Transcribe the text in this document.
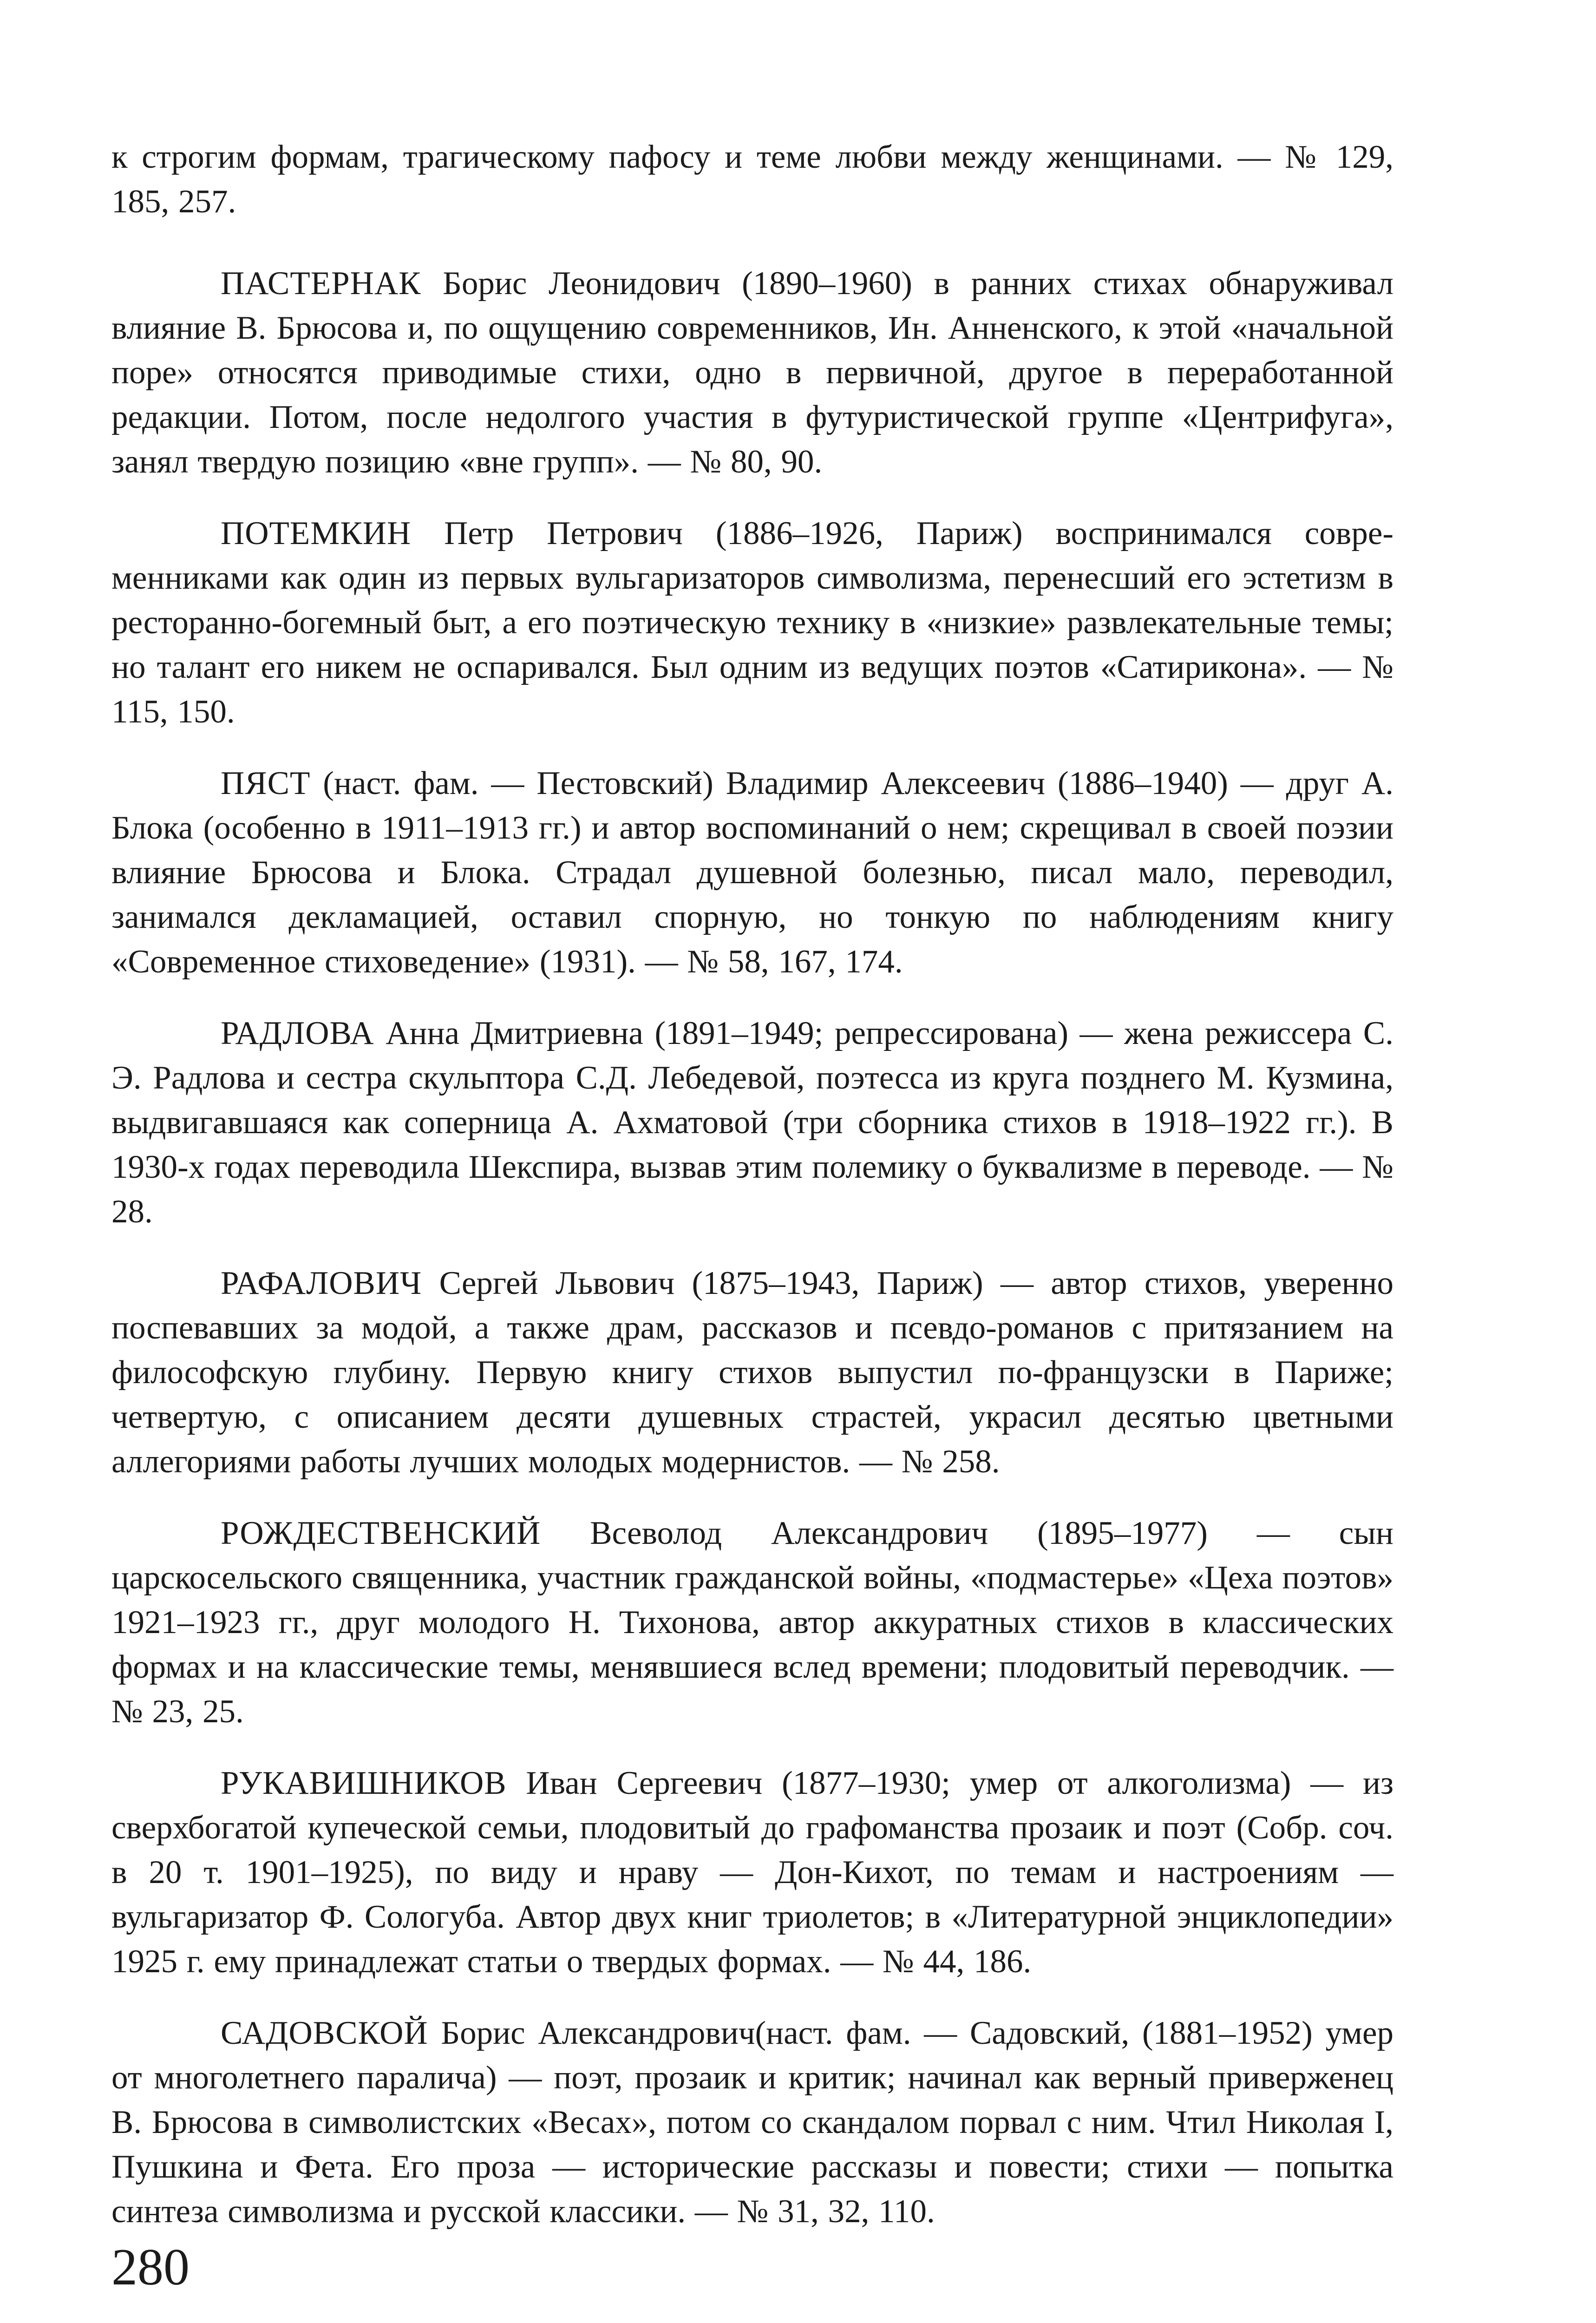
к строгим формам, трагическому пафосу и теме любви между женщинами. — № 129, 185, 257.

ПАСТЕРНАК Борис Леонидович (1890–1960) в ранних стихах обнаруживал влияние В. Брюсова и, по ощущению современников, Ин. Анненского, к этой «начальной поре» относятся приводимые стихи, одно в первичной, другое в переработанной редакции. Потом, после недолгого участия в футуристической группе «Центрифуга», занял твердую позицию «вне групп». — № 80, 90.

ПОТЕМКИН Петр Петрович (1886–1926, Париж) воспринимался современниками как один из первых вульгаризаторов символизма, перенесший его эстетизм в ресторанно-богемный быт, а его поэтическую технику в «низкие» развлекательные темы; но талант его никем не оспаривался. Был одним из ведущих поэтов «Сатирикона». — № 115, 150.

ПЯСТ (наст. фам. — Пестовский) Владимир Алексеевич (1886–1940) — друг А. Блока (особенно в 1911–1913 гг.) и автор воспоминаний о нем; скрещивал в своей поэзии влияние Брюсова и Блока. Страдал душевной болезнью, писал мало, переводил, занимался декламацией, оставил спорную, но тонкую по наблюдениям книгу «Современное стиховедение» (1931). — № 58, 167, 174.

РАДЛОВА Анна Дмитриевна (1891–1949; репрессирована) — жена режиссера С. Э. Радлова и сестра скульптора С.Д. Лебедевой, поэтесса из круга позднего М. Кузмина, выдвигавшаяся как соперница А. Ахматовой (три сборника стихов в 1918–1922 гг.). В 1930-х годах переводила Шекспира, вызвав этим полемику о буквализме в переводе. — № 28.

РАФАЛОВИЧ Сергей Львович (1875–1943, Париж) — автор стихов, уверенно поспевавших за модой, а также драм, рассказов и псевдо-романов с притязанием на философскую глубину. Первую книгу стихов выпустил по-французски в Париже; четвертую, с описанием десяти душевных страстей, украсил десятью цветными аллегориями работы лучших молодых модернистов. — № 258.

РОЖДЕСТВЕНСКИЙ Всеволод Александрович (1895–1977) — сын царскосельского священника, участник гражданской войны, «подмастерье» «Цеха поэтов» 1921–1923 гг., друг молодого Н. Тихонова, автор аккуратных стихов в классических формах и на классические темы, менявшиеся вслед времени; плодовитый переводчик. — № 23, 25.

РУКАВИШНИКОВ Иван Сергеевич (1877–1930; умер от алкоголизма) — из сверхбогатой купеческой семьи, плодовитый до графоманства прозаик и поэт (Собр. соч. в 20 т. 1901–1925), по виду и нраву — Дон-Кихот, по темам и настроениям — вульгаризатор Ф. Сологуба. Автор двух книг триолетов; в «Литературной энциклопедии» 1925 г. ему принадлежат статьи о твердых формах. — № 44, 186.

САДОВСКОЙ Борис Александрович(наст. фам. — Садовский, (1881–1952) умер от многолетнего паралича) — поэт, прозаик и критик; начинал как верный приверженец В. Брюсова в символистских «Весах», потом со скандалом порвал с ним. Чтил Николая I, Пушкина и Фета. Его проза — исторические рассказы и повести; стихи — попытка синтеза символизма и русской классики. — № 31, 32, 110.

280
